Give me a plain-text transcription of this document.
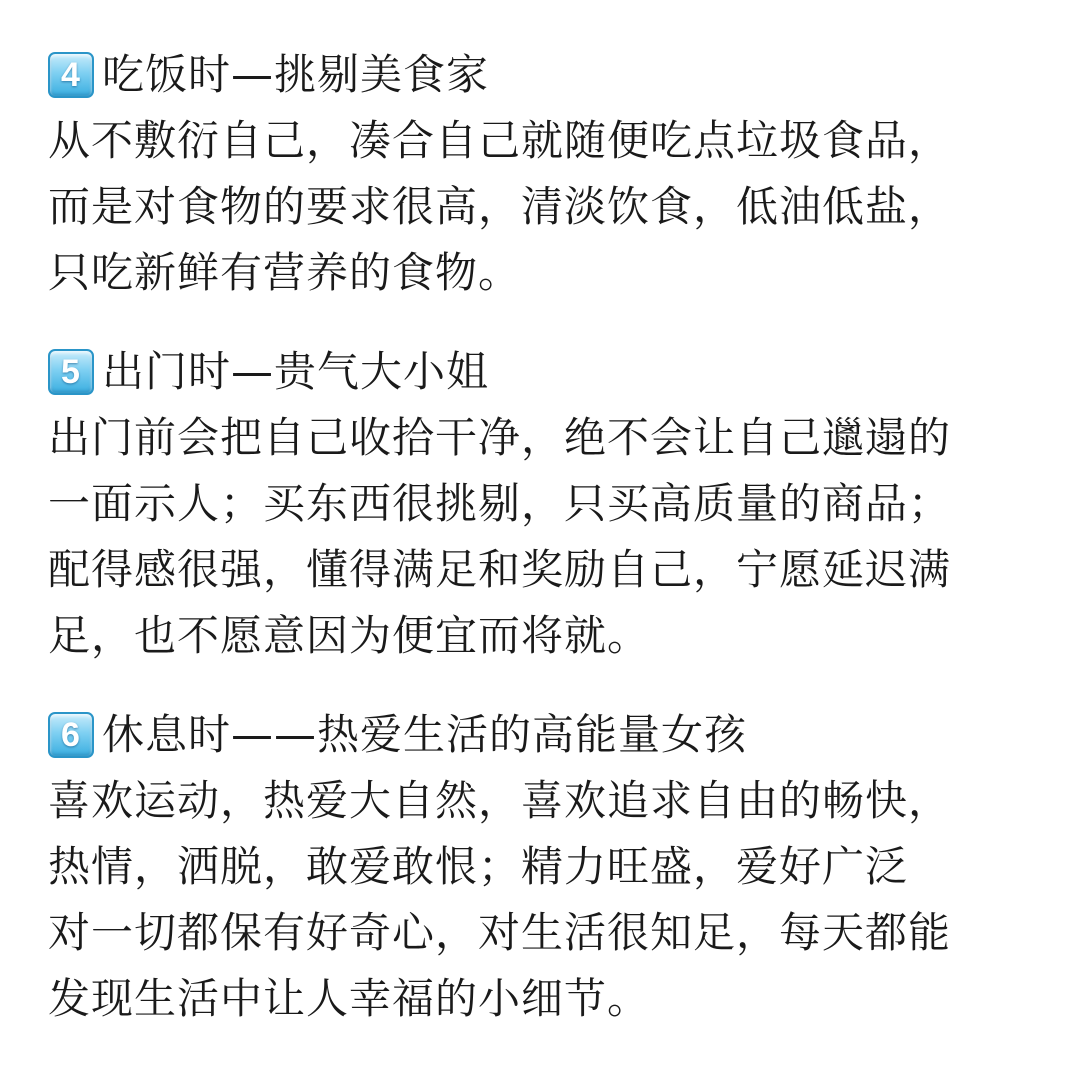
4 吃饭时—挑剔美食家
从不敷衍自己，凑合自己就随便吃点垃圾食品，
而是对食物的要求很高，清淡饮食，低油低盐，
只吃新鲜有营养的食物。
5 出门时—贵气大小姐
出门前会把自己收拾干净，绝不会让自己邋遢的
一面示人；买东西很挑剔，只买高质量的商品；
配得感很强，懂得满足和奖励自己，宁愿延迟满
足，也不愿意因为便宜而将就。
6 休息时——热爱生活的高能量女孩
喜欢运动，热爱大自然，喜欢追求自由的畅快，
热情，洒脱，敢爱敢恨；精力旺盛，爱好广泛
对一切都保有好奇心，对生活很知足，每天都能
发现生活中让人幸福的小细节。
